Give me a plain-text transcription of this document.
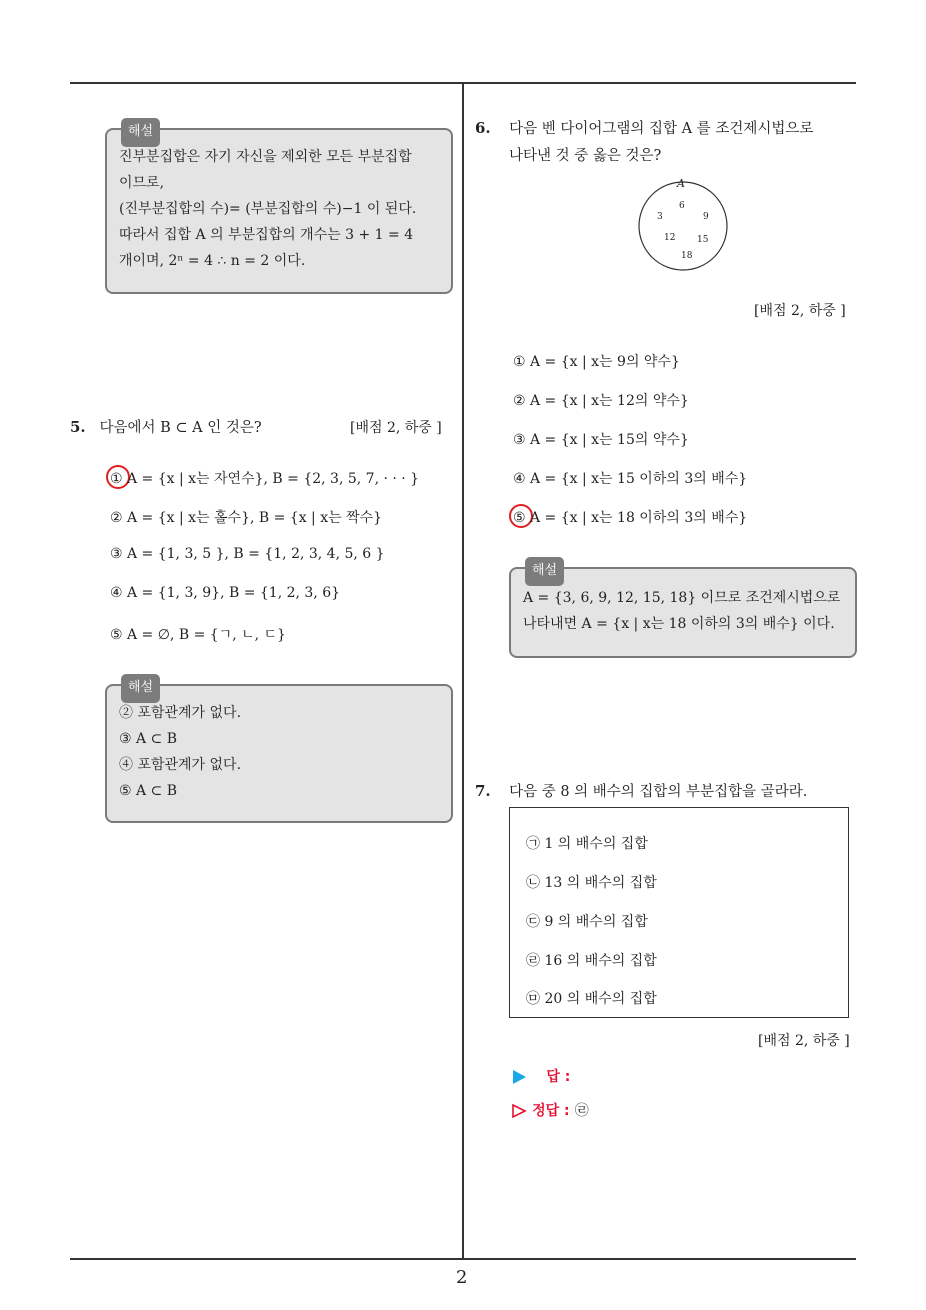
해설
진부분집합은 자기 자신을 제외한 모든 부분집합
이므로,
(진부분집합의 수)= (부분집합의 수)−1 이 된다.
따라서 집합 A 의 부분집합의 개수는 3 + 1 = 4
개이며, 2ⁿ = 4 ∴ n = 2 이다.
5. 다음에서 B ⊂ A 인 것은?	[배점 2, 하중 ]
① A = {x | x는 자연수}, B = {2, 3, 5, 7, · · · }
② A = {x | x는 홀수}, B = {x | x는 짝수}
③ A = {1, 3, 5 }, B = {1, 2, 3, 4, 5, 6 }
④ A = {1, 3, 9}, B = {1, 2, 3, 6}
⑤ A = ∅, B = {ㄱ, ㄴ, ㄷ}
해설
② 포함관계가 없다.
③ A ⊂ B
④ 포함관계가 없다.
⑤ A ⊂ B
6. 다음 벤 다이어그램의 집합 A 를 조건제시법으로
나타낸 것 중 옳은 것은?
A
6
3	9
12 15
18
[배점 2, 하중 ]
① A = {x | x는 9의 약수}
② A = {x | x는 12의 약수}
③ A = {x | x는 15의 약수}
④ A = {x | x는 15 이하의 3의 배수}
⑤ A = {x | x는 18 이하의 3의 배수}
해설
A = {3, 6, 9, 12, 15, 18} 이므로 조건제시법으로
나타내면 A = {x | x는 18 이하의 3의 배수} 이다.
7. 다음 중 8 의 배수의 집합의 부분집합을 골라라.
㉠ 1 의 배수의 집합
㉡ 13 의 배수의 집합
㉢ 9 의 배수의 집합
㉣ 16 의 배수의 집합
㉤ 20 의 배수의 집합
[배점 2, 하중 ]
답 :
정답 : ㉣
2
